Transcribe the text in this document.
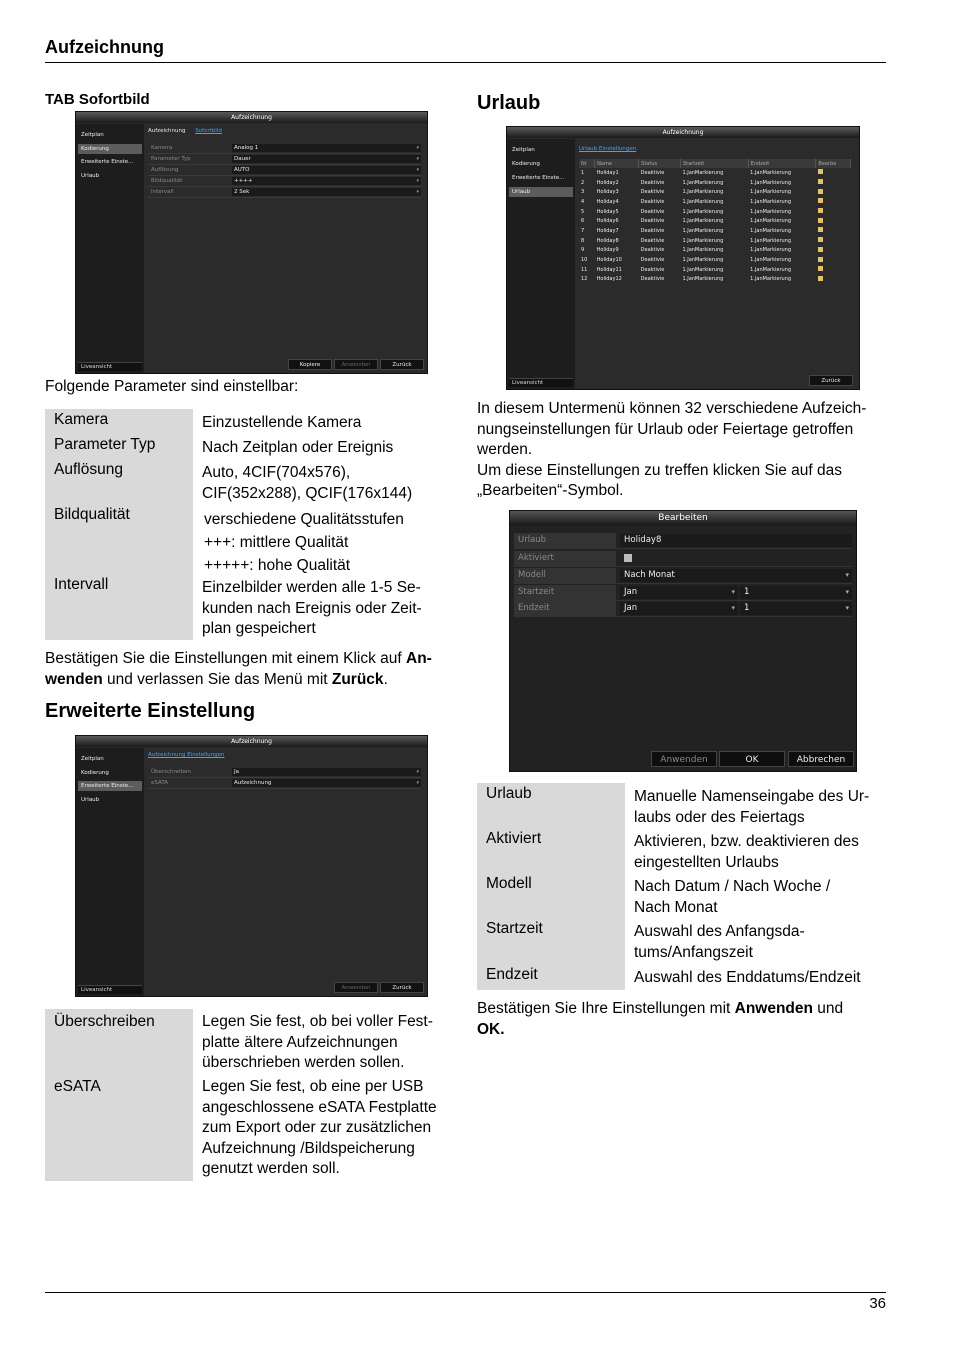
Aufzeichnung
TAB Sofortbild
Aufzeichnung
Zeitplan
Kodierung
Erweiterte Einste...
Urlaub
Liveansicht
Aufzeichnung Sofortbild
Kamera	Analog 1 ▾
Parameter Typ	Dauer ▾
Auflösung	AUTO ▾
Bildqualität	++++ ▾
Intervall	2 Sek ▾
Kopiere	Anwenden	Zurück
Folgende Parameter sind einstellbar:
Kamera	Einzustellende Kamera
Parameter Typ	Nach Zeitplan oder Ereignis
Auflösung	Auto, 4CIF(704x576),
CIF(352x288), QCIF(176x144)
Bildqualität	verschiedene Qualitätsstufen
+++: mittlere Qualität
+++++: hohe Qualität
Intervall	Einzelbilder werden alle 1-5 Se-
kunden nach Ereignis oder Zeit-
plan gespeichert
Bestätigen Sie die Einstellungen mit einem Klick auf An-
wenden und verlassen Sie das Menü mit Zurück.
Erweiterte Einstellung
Aufzeichnung
Zeitplan
Kodierung
Erweiterte Einste...
Urlaub
Liveansicht
Aufzeichnung Einstellungen
Überschreiben	Ja ▾
eSATA	Aufzeichnung ▾
Anwenden	Zurück
Überschreiben	Legen Sie fest, ob bei voller Fest-
platte ältere Aufzeichnungen
überschrieben werden sollen.
eSATA	Legen Sie fest, ob eine per USB
angeschlossene eSATA Festplatte
zum Export oder zur zusätzlichen
Aufzeichnung /Bildspeicherung
genutzt werden soll.
Urlaub
Aufzeichnung
Zeitplan
Kodierung
Erweiterte Einste...
Urlaub
Liveansicht
Urlaub Einstellungen
Nr	Name	Status	Startzeit	Endzeit	Bearbe
1	Holiday1	Deaktivie	1.JanMarkierung	1.JanMarkierung	
2	Holiday2	Deaktivie	1.JanMarkierung	1.JanMarkierung	
3	Holiday3	Deaktivie	1.JanMarkierung	1.JanMarkierung	
4	Holiday4	Deaktivie	1.JanMarkierung	1.JanMarkierung	
5	Holiday5	Deaktivie	1.JanMarkierung	1.JanMarkierung	
6	Holiday6	Deaktivie	1.JanMarkierung	1.JanMarkierung	
7	Holiday7	Deaktivie	1.JanMarkierung	1.JanMarkierung	
8	Holiday8	Deaktivie	1.JanMarkierung	1.JanMarkierung	
9	Holiday9	Deaktivie	1.JanMarkierung	1.JanMarkierung	
10	Holiday10	Deaktivie	1.JanMarkierung	1.JanMarkierung	
11	Holiday11	Deaktivie	1.JanMarkierung	1.JanMarkierung	
12	Holiday12	Deaktivie	1.JanMarkierung	1.JanMarkierung	
Zurück
In diesem Untermenü können 32 verschiedene Aufzeich-
nungseinstellungen für Urlaub oder Feiertage getroffen
werden.
Um diese Einstellungen zu treffen klicken Sie auf das
„Bearbeiten“-Symbol.
Bearbeiten
Urlaub	Holiday8
Aktiviert
Modell	Nach Monat ▾
Startzeit	Jan ▾	1 ▾
Endzeit	Jan ▾	1 ▾
Anwenden	OK	Abbrechen
Urlaub	Manuelle Namenseingabe des Ur-
laubs oder des Feiertags
Aktiviert	Aktivieren, bzw. deaktivieren des
eingestellten Urlaubs
Modell	Nach Datum / Nach Woche /
Nach Monat
Startzeit	Auswahl des Anfangsda-
tums/Anfangszeit
Endzeit	Auswahl des Enddatums/Endzeit
Bestätigen Sie Ihre Einstellungen mit Anwenden und
OK.
36
